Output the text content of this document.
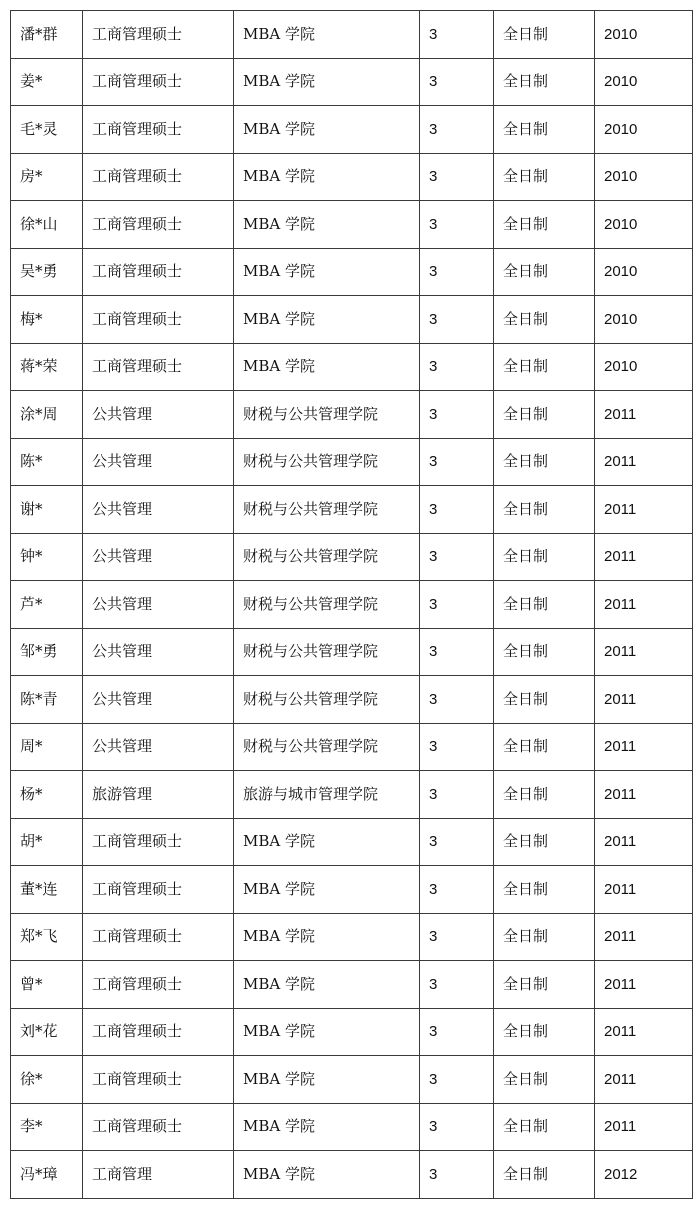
潘*群	工商管理硕士	MBA 学院	3	全日制	2010
姜*	工商管理硕士	MBA 学院	3	全日制	2010
毛*灵	工商管理硕士	MBA 学院	3	全日制	2010
房*	工商管理硕士	MBA 学院	3	全日制	2010
徐*山	工商管理硕士	MBA 学院	3	全日制	2010
吴*勇	工商管理硕士	MBA 学院	3	全日制	2010
梅*	工商管理硕士	MBA 学院	3	全日制	2010
蒋*荣	工商管理硕士	MBA 学院	3	全日制	2010
涂*周	公共管理	财税与公共管理学院	3	全日制	2011
陈*	公共管理	财税与公共管理学院	3	全日制	2011
谢*	公共管理	财税与公共管理学院	3	全日制	2011
钟*	公共管理	财税与公共管理学院	3	全日制	2011
芦*	公共管理	财税与公共管理学院	3	全日制	2011
邹*勇	公共管理	财税与公共管理学院	3	全日制	2011
陈*青	公共管理	财税与公共管理学院	3	全日制	2011
周*	公共管理	财税与公共管理学院	3	全日制	2011
杨*	旅游管理	旅游与城市管理学院	3	全日制	2011
胡*	工商管理硕士	MBA 学院	3	全日制	2011
董*连	工商管理硕士	MBA 学院	3	全日制	2011
郑*飞	工商管理硕士	MBA 学院	3	全日制	2011
曾*	工商管理硕士	MBA 学院	3	全日制	2011
刘*花	工商管理硕士	MBA 学院	3	全日制	2011
徐*	工商管理硕士	MBA 学院	3	全日制	2011
李*	工商管理硕士	MBA 学院	3	全日制	2011
冯*璋	工商管理	MBA 学院	3	全日制	2012
